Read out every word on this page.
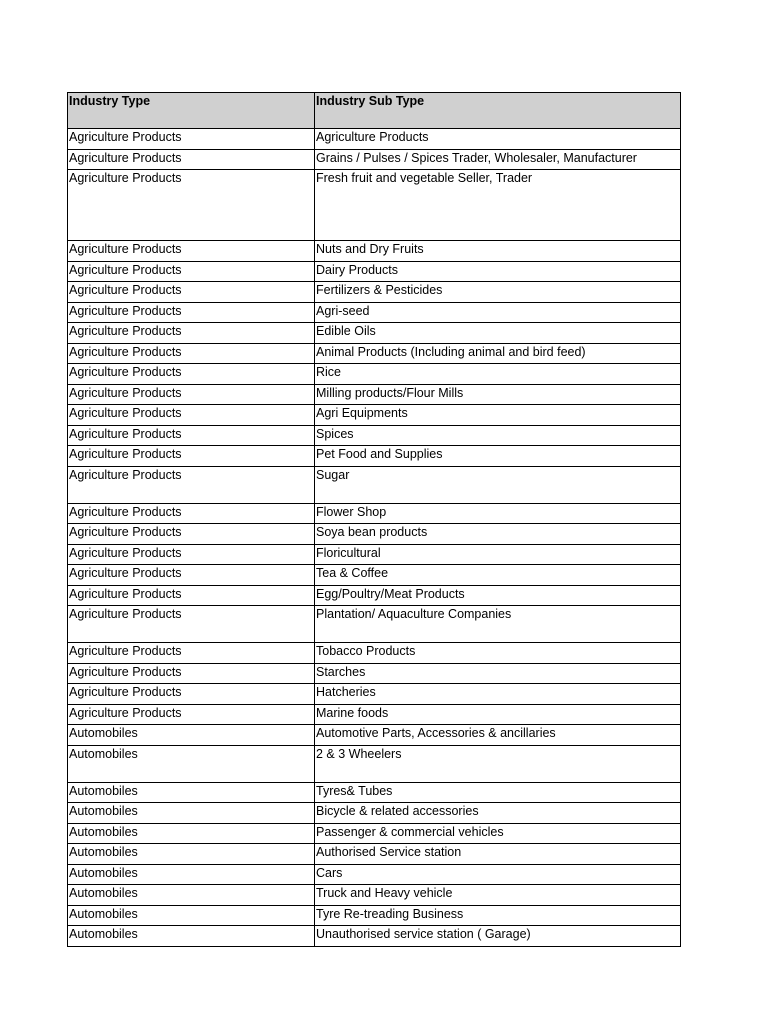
Industry Type	Industry Sub Type
Agriculture Products	Agriculture Products
Agriculture Products	Grains / Pulses / Spices Trader, Wholesaler, Manufacturer
Agriculture Products	Fresh fruit and vegetable Seller, Trader
Agriculture Products	Nuts and Dry Fruits
Agriculture Products	Dairy Products
Agriculture Products	Fertilizers & Pesticides
Agriculture Products	Agri-seed
Agriculture Products	Edible Oils
Agriculture Products	Animal Products (Including animal and bird feed)
Agriculture Products	Rice
Agriculture Products	Milling products/Flour Mills
Agriculture Products	Agri Equipments
Agriculture Products	Spices
Agriculture Products	Pet Food and Supplies
Agriculture Products	Sugar
Agriculture Products	Flower Shop
Agriculture Products	Soya bean products
Agriculture Products	Floricultural
Agriculture Products	Tea & Coffee
Agriculture Products	Egg/Poultry/Meat Products
Agriculture Products	Plantation/ Aquaculture Companies
Agriculture Products	Tobacco Products
Agriculture Products	Starches
Agriculture Products	Hatcheries
Agriculture Products	Marine foods
Automobiles	Automotive Parts, Accessories & ancillaries
Automobiles	2 & 3 Wheelers
Automobiles	Tyres& Tubes
Automobiles	Bicycle & related accessories
Automobiles	Passenger & commercial vehicles
Automobiles	Authorised Service station
Automobiles	Cars
Automobiles	Truck and Heavy vehicle
Automobiles	Tyre Re-treading Business
Automobiles	Unauthorised service station ( Garage)
